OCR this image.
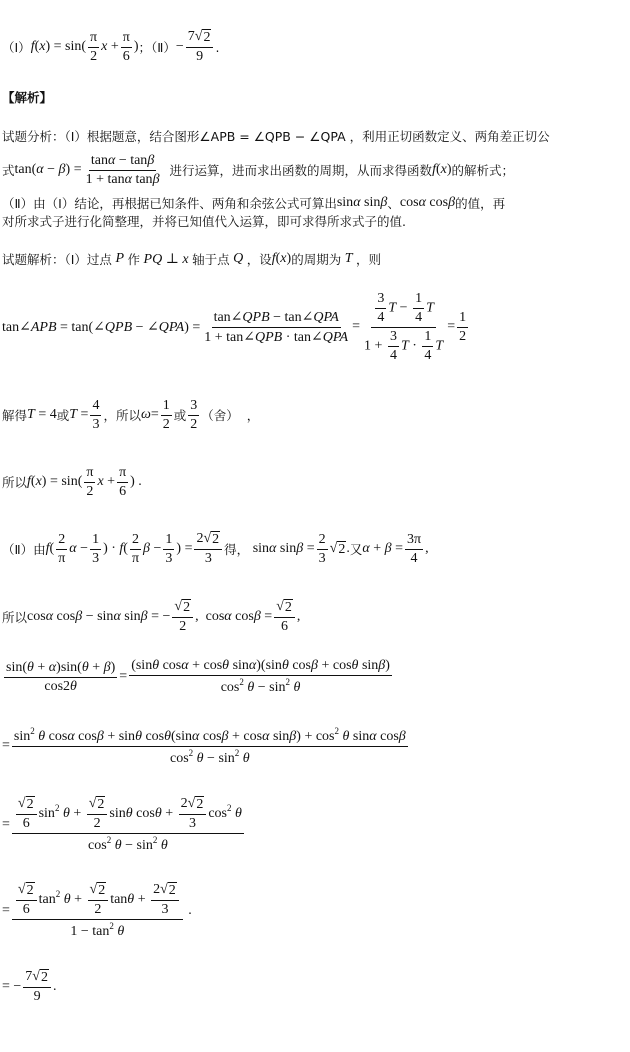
（Ⅰ） $f(x) = \sin( \frac{\pi}{2}$ $x + \frac{\pi}{6}$ ) ；（Ⅱ） − $\frac{7 √ 2}{9}$ .
【解析】
试题分析：（Ⅰ）根据题意，结合图形∠APB = ∠QPB − ∠QPA ，利用正切函数定义、两角差正切公
式 $\tan(\alpha - \beta) = \frac{\tan\alpha - \tan\beta}{\text{1 + tanα tanβ}}$ 进行运算，进而求出函数的周期，从而求得函数 f(x) 的解析式；
（Ⅱ）由（Ⅰ）结论，再根据已知条件、两角和余弦公式可算出 sinα sinβ 、 cosα cosβ 的值，再
对所求式子进行化简整理，并将已知值代入运算，即可求得所求式子的值.
试题解析：（Ⅰ）过点 P 作 PQ ⊥ x 轴于点 Q ，设 f(x) 的周期为 T ，则
tan∠APB = tan(∠QPB − ∠QPA) = $\frac{\text{tan∠QPB − tan∠QPA}}{\text{1 + tan∠QPB · tan∠QPA}} = \frac{\frac{3}{4} T - \frac{1}{4} T}{1 + \frac{3}{4} T \cdot \frac{1}{4} T} = \frac{1}{2}$
解得 T = 4 或 $T = \frac{4}{3}$ ，所以 $\omega= \frac{1}{2}$ 或 $\frac{3}{2}$ （舍）
，
所以 $f(x) = \sin( \frac{\pi}{2}$ $x + \frac{\pi}{6}$ ) .
（Ⅱ）由 $f( \frac{2}{\pi}$ $\alpha - \frac{1}{3}$ ) · $f( \frac{2}{\pi}$ $\beta - \frac{1}{3}$ ) = $\frac{2 √ 2}{3}$ 得， sinα $\sin\beta = \frac{2}{3}$ √ 2 . 又 $\alpha + \beta = \frac{3\pi}{4}$ ,
所以 cosα cosβ − sinα sinβ = − $\frac{√ 2}{2}$ ,  cosα $\cos\beta = \frac{√ 2}{6}$ ,
$\frac{\sin(\theta + \alpha)\sin(\theta + \beta)}{\cos 2\theta} = \frac{\text{(sinθ cosα + cosθ sinα)(sinθ cosβ + cosθ sinβ)}}{\cos^2 \theta - \sin^2 \theta}$
=
$\sin^2 \theta$ cosα cosβ + sinθ cosθ(sinα cosβ + cosα $\sin\beta) + \cos^2 \theta$ sinα cosβ
$\cos^2 \theta - \sin^2 \theta$
= $\frac{\frac{√ 2}{6} \sin^2 \theta + \frac{√ 2}{2} \sin\theta \cos\theta + \frac{2 √ 2}{3} \cos^2 \theta}{\cos^2 \theta - \sin^2 \theta}$
= $\frac{\frac{√ 2}{6} \tan^2 \theta + \frac{√ 2}{2} \tan\theta + \frac{2 √ 2}{3}}{1 - \tan^2 \theta}$ .
= − $\frac{7 √ 2}{9}$ .
